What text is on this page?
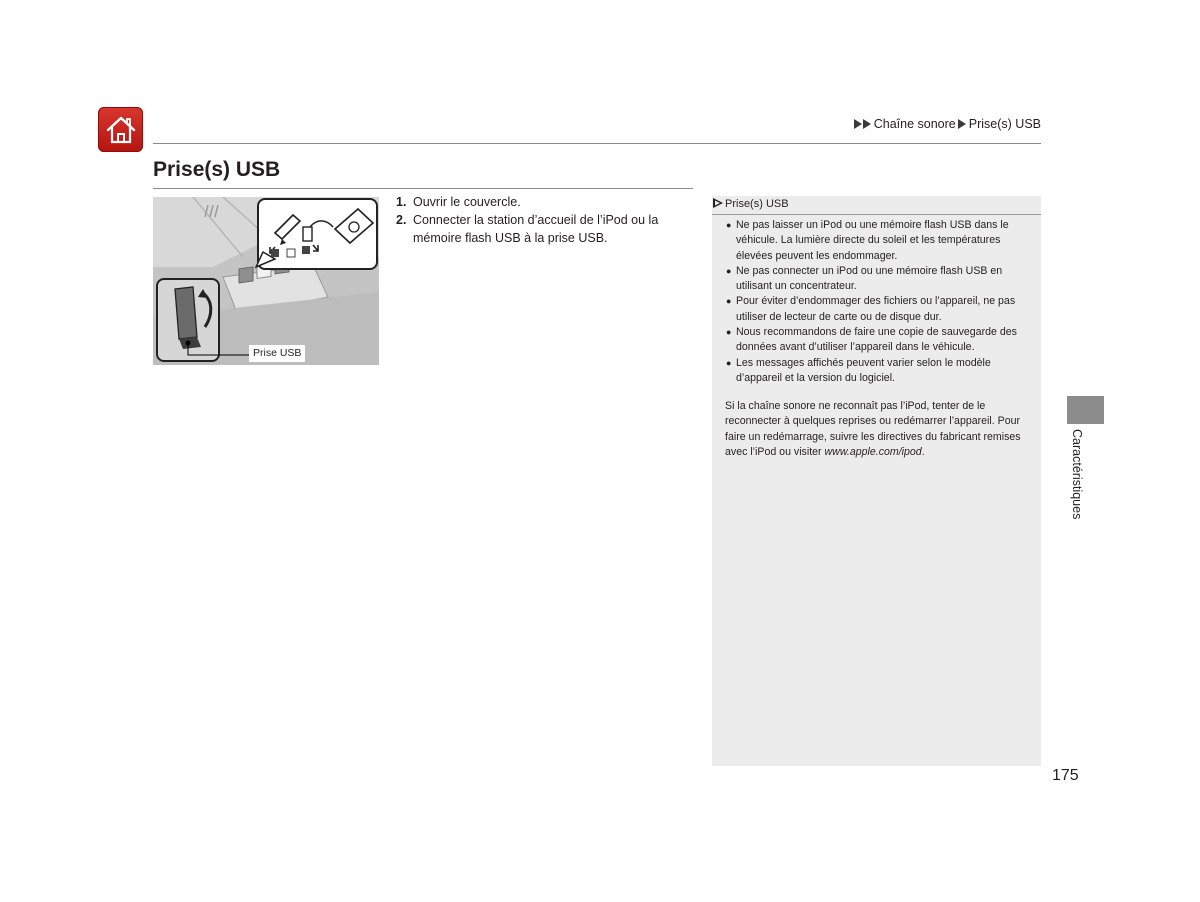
Chaîne sonore Prise(s) USB
Prise(s) USB
Prise USB
1. Ouvrir le couvercle.
2. Connecter la station d’accueil de l’iPod ou la mémoire flash USB à la prise USB.
Prise(s) USB
● Ne pas laisser un iPod ou une mémoire flash USB dans le véhicule. La lumière directe du soleil et les températures élevées peuvent les endommager.
● Ne pas connecter un iPod ou une mémoire flash USB en utilisant un concentrateur.
● Pour éviter d’endommager des fichiers ou l’appareil, ne pas utiliser de lecteur de carte ou de disque dur.
● Nous recommandons de faire une copie de sauvegarde des données avant d’utiliser l’appareil dans le véhicule.
● Les messages affichés peuvent varier selon le modèle d’appareil et la version du logiciel.

Si la chaîne sonore ne reconnaît pas l’iPod, tenter de le reconnecter à quelques reprises ou redémarrer l’appareil. Pour faire un redémarrage, suivre les directives du fabricant remises avec l’iPod ou visiter www.apple.com/ipod.	Caractéristiques
175
